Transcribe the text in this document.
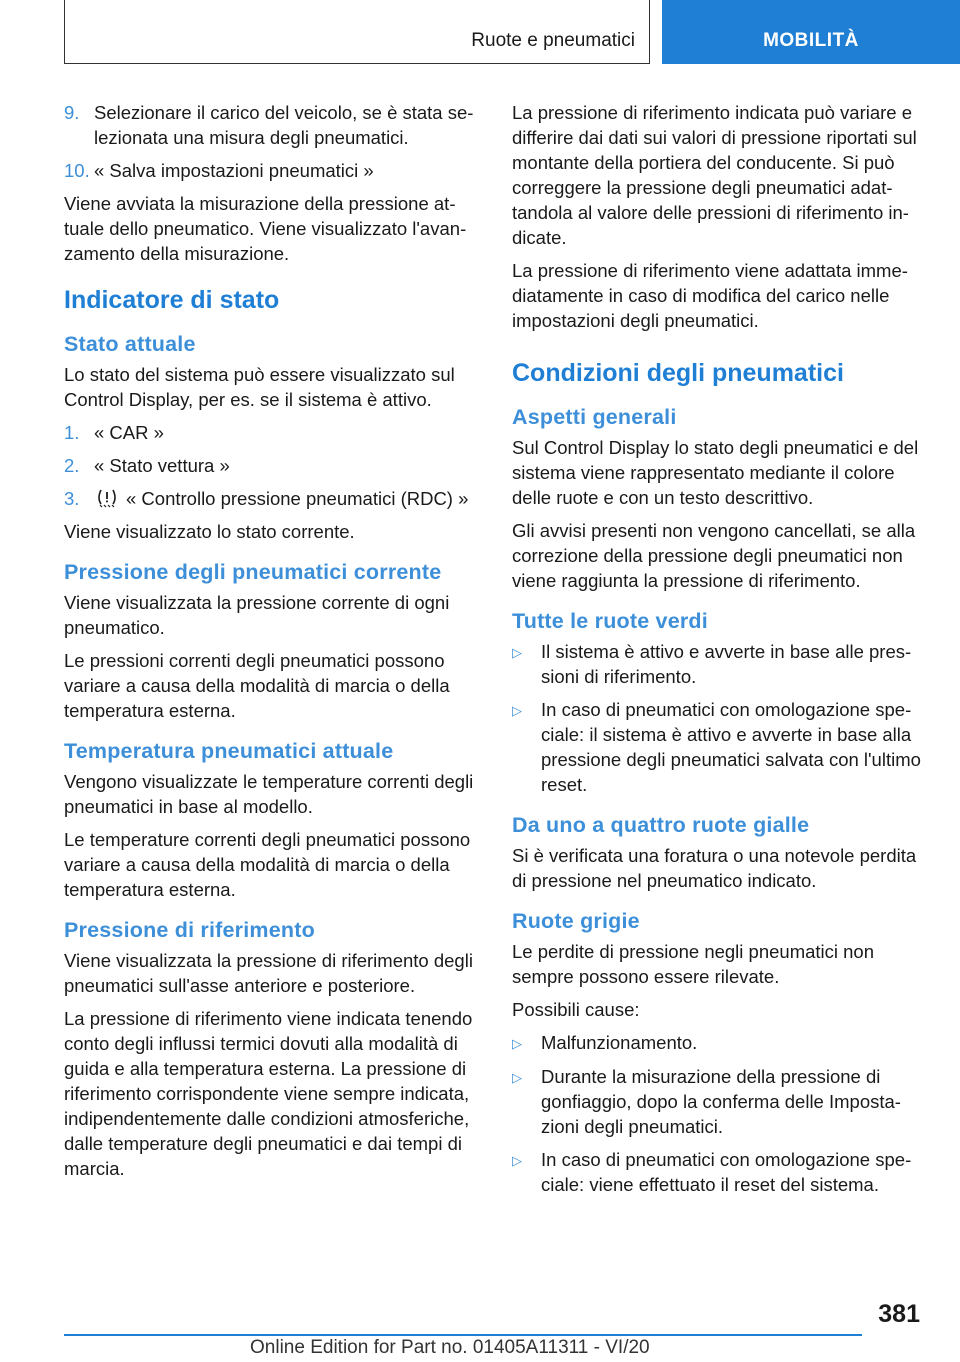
Ruote e pneumatici	MOBILITÀ
9. Selezionare il carico del veicolo, se è stata selezionata una misura degli pneumatici.
10. « Salva impostazioni pneumatici »

Viene avviata la misurazione della pressione attuale dello pneumatico. Viene visualizzato l'avanzamento della misurazione.

Indicatore di stato
Stato attuale

Lo stato del sistema può essere visualizzato sul Control Display, per es. se il sistema è attivo.

1. « CAR »
2. « Stato vettura »
3.	« Controllo pressione pneumatici (RDC) »

Viene visualizzato lo stato corrente.

Pressione degli pneumatici corrente

Viene visualizzata la pressione corrente di ogni pneumatico.

Le pressioni correnti degli pneumatici possono variare a causa della modalità di marcia o della temperatura esterna.

Temperatura pneumatici attuale

Vengono visualizzate le temperature correnti degli pneumatici in base al modello.

Le temperature correnti degli pneumatici possono variare a causa della modalità di marcia o della temperatura esterna.

Pressione di riferimento

Viene visualizzata la pressione di riferimento degli pneumatici sull'asse anteriore e posteriore.

La pressione di riferimento viene indicata tenendo conto degli influssi termici dovuti alla modalità di guida e alla temperatura esterna. La pressione di riferimento corrispondente viene sempre indicata, indipendentemente dalle condizioni atmosferiche, dalle temperature degli pneumatici e dai tempi di marcia.

La pressione di riferimento indicata può variare e differire dai dati sui valori di pressione riportati sul montante della portiera del conducente. Si può correggere la pressione degli pneumatici adattandola al valore delle pressioni di riferimento indicate.

La pressione di riferimento viene adattata immediatamente in caso di modifica del carico nelle impostazioni degli pneumatici.

Condizioni degli pneumatici
Aspetti generali

Sul Control Display lo stato degli pneumatici e del sistema viene rappresentato mediante il colore delle ruote e con un testo descrittivo.

Gli avvisi presenti non vengono cancellati, se alla correzione della pressione degli pneumatici non viene raggiunta la pressione di riferimento.

Tutte le ruote verdi
▷	Il sistema è attivo e avverte in base alle pressioni di riferimento.
▷	In caso di pneumatici con omologazione speciale: il sistema è attivo e avverte in base alla pressione degli pneumatici salvata con l'ultimo reset.
Da uno a quattro ruote gialle

Si è verificata una foratura o una notevole perdita di pressione nel pneumatico indicato.

Ruote grigie

Le perdite di pressione negli pneumatici non sempre possono essere rilevate.

Possibili cause:

▷	Malfunzionamento.
▷	Durante la misurazione della pressione di gonfiaggio, dopo la conferma delle Impostazioni degli pneumatici.
▷	In caso di pneumatici con omologazione speciale: viene effettuato il reset del sistema.
381
Online Edition for Part no. 01405A11311 - VI/20
